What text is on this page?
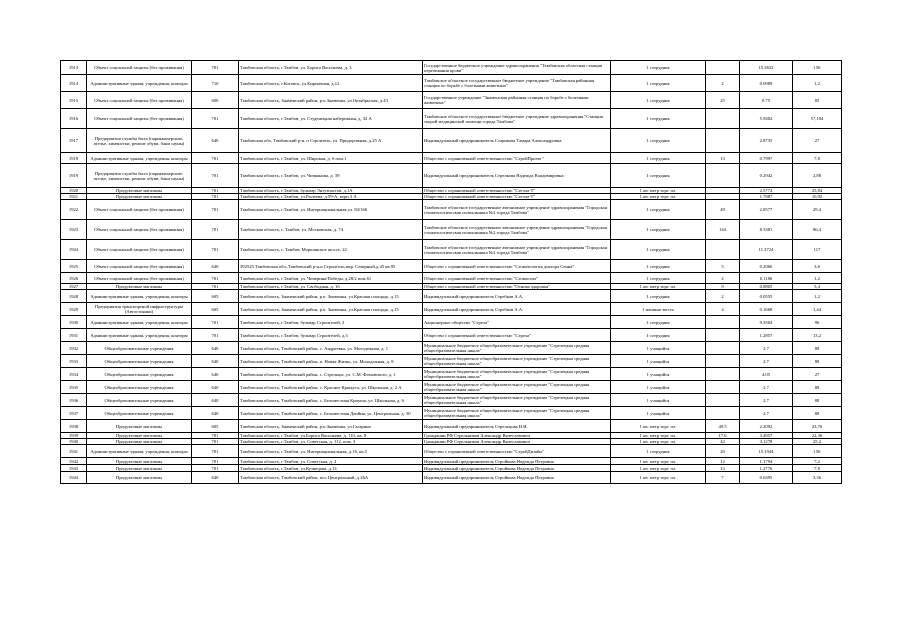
1913	Объект социальной защиты (без проживания)	701	Тамбовская область, г.Тамбов, ул. Бориса Васильева, д. 3	Государственное бюджетное учреждение здравоохранения "Тамбовская областная станция переливания крови"	1 сотрудник		15.3632	156
1914	Административные здания, учреждения, конторы	710	Тамбовская область, г.Котовск, ул.Кирпичная, д.12	Тамбовское областное государственное бюджетное учреждение "Тамбовская районная станция по борьбе с болезнями животных"	1 сотрудник	2	0.0989	1,2
1915	Объект социальной защиты (без проживания)	600	Тамбовская область, Знаменский район, р.п.Знаменка, ул.Октябрьская, д.43	Государственное учреждение "Знаменская районная станция по борьбе с болезнями животных"	1 сотрудник	25	0.75	85
1916	Объект социальной защиты (без проживания)	701	Тамбовская область, г.Тамбов, ул. Студенецкая набережная, д. 32 А	Тамбовское областное государственное бюджетное учреждение здравоохранения "Станция скорой медицинской помощи города Тамбова"	1 сотрудник		5.9402	57,104
1917	Предприятия службы быта (парикмахерские, ателье, химчистки, ремонт обуви, бани сауны)	640	Тамбовская обл, Тамбовский р-н, п Строитель, ул. Придорожная, д.25 А	Индивидуальный предприниматель Старикова Тамара Александровна	1 сотрудник		2.8735	27
1918	Административные здания, учреждения, конторы	701	Тамбовская область, г.Тамбов, ул. Широкая, д. 6 пом.1	Общество с ограниченной ответственностью "СтройПроект"	1 сотрудник	13	0.7997	7,8
1919	Предприятия службы быта (парикмахерские, ателье, химчистки, ремонт обуви, бани сауны)	701	Тамбовская область, г.Тамбов, ул. Чичканова, д. 39	Индивидуальный предприниматель Стрелкова Надежда Владимировна	1 сотрудник		0.2942	2,88
1920	Продуктовые магазины	701	Тамбовская область, г.Тамбов, бульвар Энтузиастов, д.1А	Общество с ограниченной ответственностью "Стелла-Т"	1 кв. метр торг. пл.		2.5774	25,84
1921	Продуктовые магазины	701	Тамбовская область, г.Тамбов, ул.Рылеева, д.59-А, корп.3 А	Общество с ограниченной ответственностью "Стелла-Т"	1 кв. метр торг. пл.		1.7887	10,92
1922	Объект социальной защиты (без проживания)	701	Тамбовская область, г.Тамбов, ул. Интернациональная ул. 84/166	Тамбовское областное государственное автономное учреждение здравоохранения "Городская стоматологическая поликлиника №2 города Тамбова"	1 сотрудник	49	2.8577	29,4
1923	Объект социальной защиты (без проживания)	701	Тамбовская область, г. Тамбов, ул. Московская, д. 74	Тамбовское областное государственное автономное учреждение здравоохранения "Городская стоматологическая поликлиника №2 города Тамбова"	1 сотрудник	144	8.3381	86,4
1924	Объект социальной защиты (без проживания)	701	Тамбовская область, г. Тамбов, Моршанское шоссе, 22	Тамбовское областное государственное автономное учреждение здравоохранения "Городская стоматологическая поликлиника №2 города Тамбова"	1 сотрудник		11.3724	117
1925	Объект социальной защиты (без проживания)	640	392525 Тамбовская обл.,Тамбовский р-н,п.Строитель,мкр. Северный,д.45 кв.95	Общество с ограниченной ответственностью "Стоматология доктора Сеина"	1 сотрудник	5	0.2966	3,6
1926	Объект социальной защиты (без проживания)	701	Тамбовская область, г.Тамбов, ул. Чичерина/Победы, д.28/2 пом.61	Общество с ограниченной ответственностью "Стомастил"	1 сотрудник	2	0.1186	1,2
1927	Продуктовые магазины	701	Тамбовская область, г.Тамбов, ул. Свободная, д. 16	Общество с ограниченной ответственностью "Основа здоровья"	1 кв. метр торг. пл.	9	0.8805	5,4
1928	Административные здания, учреждения, конторы	605	Тамбовская область, Знаменский район, р.п. Знаменка, ул.Красная площадь, д.15	Индивидуальный предприниматель Стребков А.А.	1 сотрудник	2	0.0555	1,2
1929	Предприятия транспортной инфраструктуры (Автостоянки)	605	Тамбовская область, Знаменский район, р.п. Знаменка, ул.Красная площадь, д.15	Индивидуальный предприниматель Стребков А.А.	1 машино-место	4	0.1668	1,44
1930	Административные здания, учреждения, конторы	701	Тамбовская область, г.Тамбов, бульвар Строителей, 3	Акционерное общество "Стрела"	1 сотрудник		9.3504	96
1931	Административные здания, учреждения, конторы	701	Тамбовская область, г.Тамбов, бульвар Строителей, д.3	Общество с ограниченной ответственностью "Стрела"	1 сотрудник		1.2857	13,2
1932	Общеобразовательные учреждения	640	Тамбовская область, Тамбовский район, с. Андреевка, ул. Молодежная, д. 1	Муниципальное бюджетное общеобразовательное учреждение "Стрелецкая средняя общеобразовательная школа"	1 учащийся		2.7	88
1933	Общеобразовательные учреждения	640	Тамбовская область, Тамбовский район, п. Новая Жизнь, ул. Молодежная, д. 8	Муниципальное бюджетное общеобразовательное учреждение "Стрелецкая средняя общеобразовательная школа"	1 учащийся		2.7	88
1934	Общеобразовательные учреждения	640	Тамбовская область, Тамбовский район, с. Стрельцы, ул. С.М. Фомовского, д. 1	Муниципальное бюджетное общеобразовательное учреждение "Стрелецкая средняя общеобразовательная школа"	1 учащийся		4.05	27
1935	Общеобразовательные учреждения	640	Тамбовская область, Тамбовский район, с. Красное Кршкута, ул. Школьная, д. 2 А	Муниципальное бюджетное общеобразовательное учреждение "Стрелецкая средняя общеобразовательная школа"	1 учащийся		2.7	88
1936	Общеобразовательные учреждения	640	Тамбовская область, Тамбовский район, с. Беломестная Криуша, ул. Школьная, д. 6	Муниципальное бюджетное общеобразовательное учреждение "Стрелецкая средняя общеобразовательная школа"	1 учащийся		2.7	88
1937	Общеобразовательные учреждения	640	Тамбовская область, Тамбовский район, с. Беломестная Двойня, ул. Центральная, д. 50	Муниципальное бюджетное общеобразовательное учреждение "Стрелецкая средняя общеобразовательная школа"	1 учащийся		2.7	88
1938	Продуктовые магазины	605	Тамбовская область, Знаменский район, р.п.Знаменка, ул.Гагарина	Индивидуальный предприниматель Стрельцова Н.И.	1 кв. метр торг. пл.	49.5	2.2092	23,76
1939	Продуктовые магазины	701	Тамбовская область, г.Тамбов, ул.Бориса Васильева, д. 110, кв. 8	Гражданин РФ Стрельников Александр Вячеславович	1 кв. метр торг. пл.	17.6	3.4957	22,36
1940	Продуктовые магазины	701	Тамбовская область, г.Тамбов, ул. Советская, д. 112, пом. 3	Гражданин РФ Стрельников Александр Вячеславович	1 кв. метр торг. пл.	42	4.1278	25,2
1941	Административные здания, учреждения, конторы	701	Тамбовская область, г.Тамбов, ул. Интернациональная, д.16, кв.5	Общество с ограниченной ответственностью "СтройДизайн"	1 сотрудник	20	15.1944	156
1942	Продуктовые магазины	701	Тамбовская область, г.Тамбов, ул. Советская, д. 2	Индивидуальный предприниматель Стройкова Надежда Петровна	1 кв. метр торг. пл.	12	1.1794	7,2
1943	Продуктовые магазины	701	Тамбовская область, г.Тамбов, ул.Кузнецова, д.13	Индивидуальный предприниматель Стройкова Надежда Петровна	1 кв. метр торг. пл.	13	1.2776	7,8
1944	Продуктовые магазины	640	Тамбовская область, Тамбовский район, пос.Центральный, д.26А	Индивидуальный предприниматель Стройкова Надежда Петровна	1 кв. метр торг. пл.	7	0.6395	3,36
